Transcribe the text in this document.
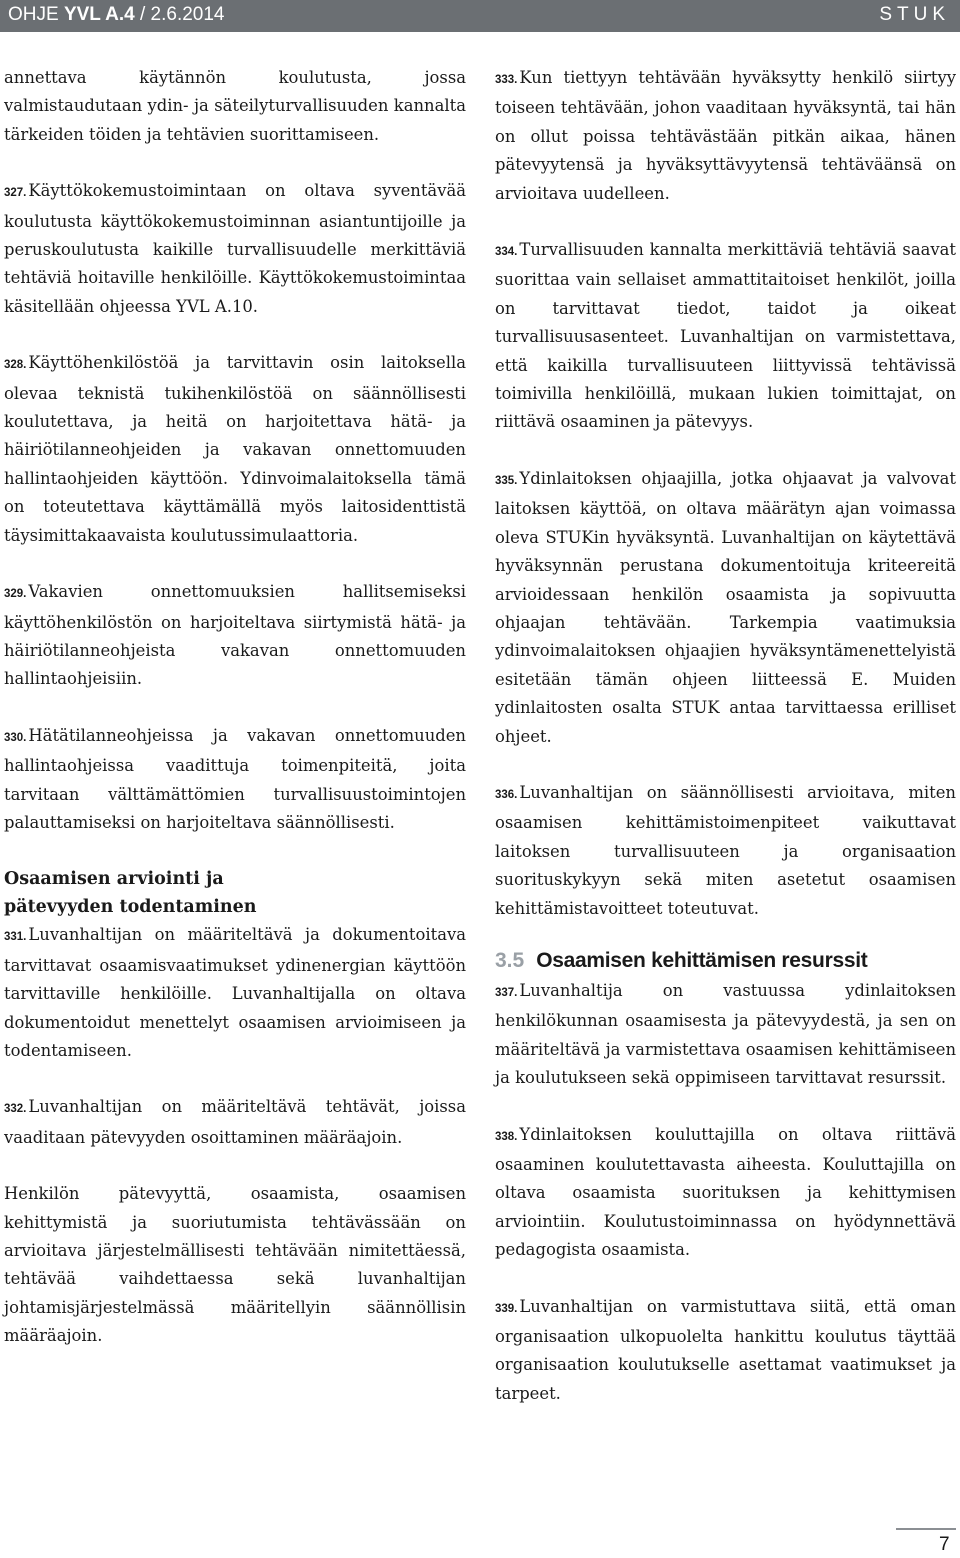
OHJE YVL A.4 / 2.6.2014	STUK

annettava käytännön koulutusta, jossa valmistaudutaan ydin- ja säteilyturvallisuuden kannalta tärkeiden töiden ja tehtävien suorittamiseen.

327. Käyttökokemustoimintaan on oltava syventävää koulutusta käyttökokemustoiminnan asiantuntijoille ja peruskoulutusta kaikille turvallisuudelle merkittäviä tehtäviä hoitaville henkilöille. Käyttökokemustoimintaa käsitellään ohjeessa YVL A.10.

328. Käyttöhenkilöstöä ja tarvittavin osin laitoksella olevaa teknistä tukihenkilöstöä on säännöllisesti koulutettava, ja heitä on harjoitettava hätä- ja häiriötilanneohjeiden ja vakavan onnettomuuden hallintaohjeiden käyttöön. Ydinvoimalaitoksella tämä on toteutettava käyttämällä myös laitosidenttistä täysimittakaavaista koulutussimulaattoria.

329. Vakavien onnettomuuksien hallitsemiseksi käyttöhenkilöstön on harjoiteltava siirtymistä hätä- ja häiriötilanneohjeista vakavan onnettomuuden hallintaohjeisiin.

330. Hätätilanneohjeissa ja vakavan onnettomuuden hallintaohjeissa vaadittuja toimenpiteitä, joita tarvitaan välttämättömien turvallisuustoimintojen palauttamiseksi on harjoiteltava säännöllisesti.

Osaamisen arviointi ja

pätevyyden todentaminen

331. Luvanhaltijan on määriteltävä ja dokumentoitava tarvittavat osaamisvaatimukset ydinenergian käyttöön tarvittaville henkilöille. Luvanhaltijalla on oltava dokumentoidut menettelyt osaamisen arvioimiseen ja todentamiseen.

332. Luvanhaltijan on määriteltävä tehtävät, joissa vaaditaan pätevyyden osoittaminen määräajoin.

Henkilön pätevyyttä, osaamista, osaamisen kehittymistä ja suoriutumista tehtävässään on arvioitava järjestelmällisesti tehtävään nimitettäessä, tehtävää vaihdettaessa sekä luvanhaltijan johtamisjärjestelmässä määritellyin säännöllisin määräajoin.

333. Kun tiettyyn tehtävään hyväksytty henkilö siirtyy toiseen tehtävään, johon vaaditaan hyväksyntä, tai hän on ollut poissa tehtävästään pitkän aikaa, hänen pätevyytensä ja hyväksyttävyytensä tehtäväänsä on arvioitava uudelleen.

334. Turvallisuuden kannalta merkittäviä tehtäviä saavat suorittaa vain sellaiset ammattitaitoiset henkilöt, joilla on tarvittavat tiedot, taidot ja oikeat turvallisuusasenteet. Luvanhaltijan on varmistettava, että kaikilla turvallisuuteen liittyvissä tehtävissä toimivilla henkilöillä, mukaan lukien toimittajat, on riittävä osaaminen ja pätevyys.

335. Ydinlaitoksen ohjaajilla, jotka ohjaavat ja valvovat laitoksen käyttöä, on oltava määrätyn ajan voimassa oleva STUKin hyväksyntä. Luvanhaltijan on käytettävä hyväksynnän perustana dokumentoituja kriteereitä arvioidessaan henkilön osaamista ja sopivuutta ohjaajan tehtävään. Tarkempia vaatimuksia ydinvoimalaitoksen ohjaajien hyväksyntämenettelyistä esitetään tämän ohjeen liitteessä E. Muiden ydinlaitosten osalta STUK antaa tarvittaessa erilliset ohjeet.

336. Luvanhaltijan on säännöllisesti arvioitava, miten osaamisen kehittämistoimenpiteet vaikuttavat laitoksen turvallisuuteen ja organisaation suorituskykyyn sekä miten asetetut osaamisen kehittämistavoitteet toteutuvat.

3.5 Osaamisen kehittämisen resurssit

337. Luvanhaltija on vastuussa ydinlaitoksen henkilökunnan osaamisesta ja pätevyydestä, ja sen on määriteltävä ja varmistettava osaamisen kehittämiseen ja koulutukseen sekä oppimiseen tarvittavat resurssit.

338. Ydinlaitoksen kouluttajilla on oltava riittävä osaaminen koulutettavasta aiheesta. Kouluttajilla on oltava osaamista suorituksen ja kehittymisen arviointiin. Koulutustoiminnassa on hyödynnettävä pedagogista osaamista.

339. Luvanhaltijan on varmistuttava siitä, että oman organisaation ulkopuolelta hankittu koulutus täyttää organisaation koulutukselle asettamat vaatimukset ja tarpeet.

7
